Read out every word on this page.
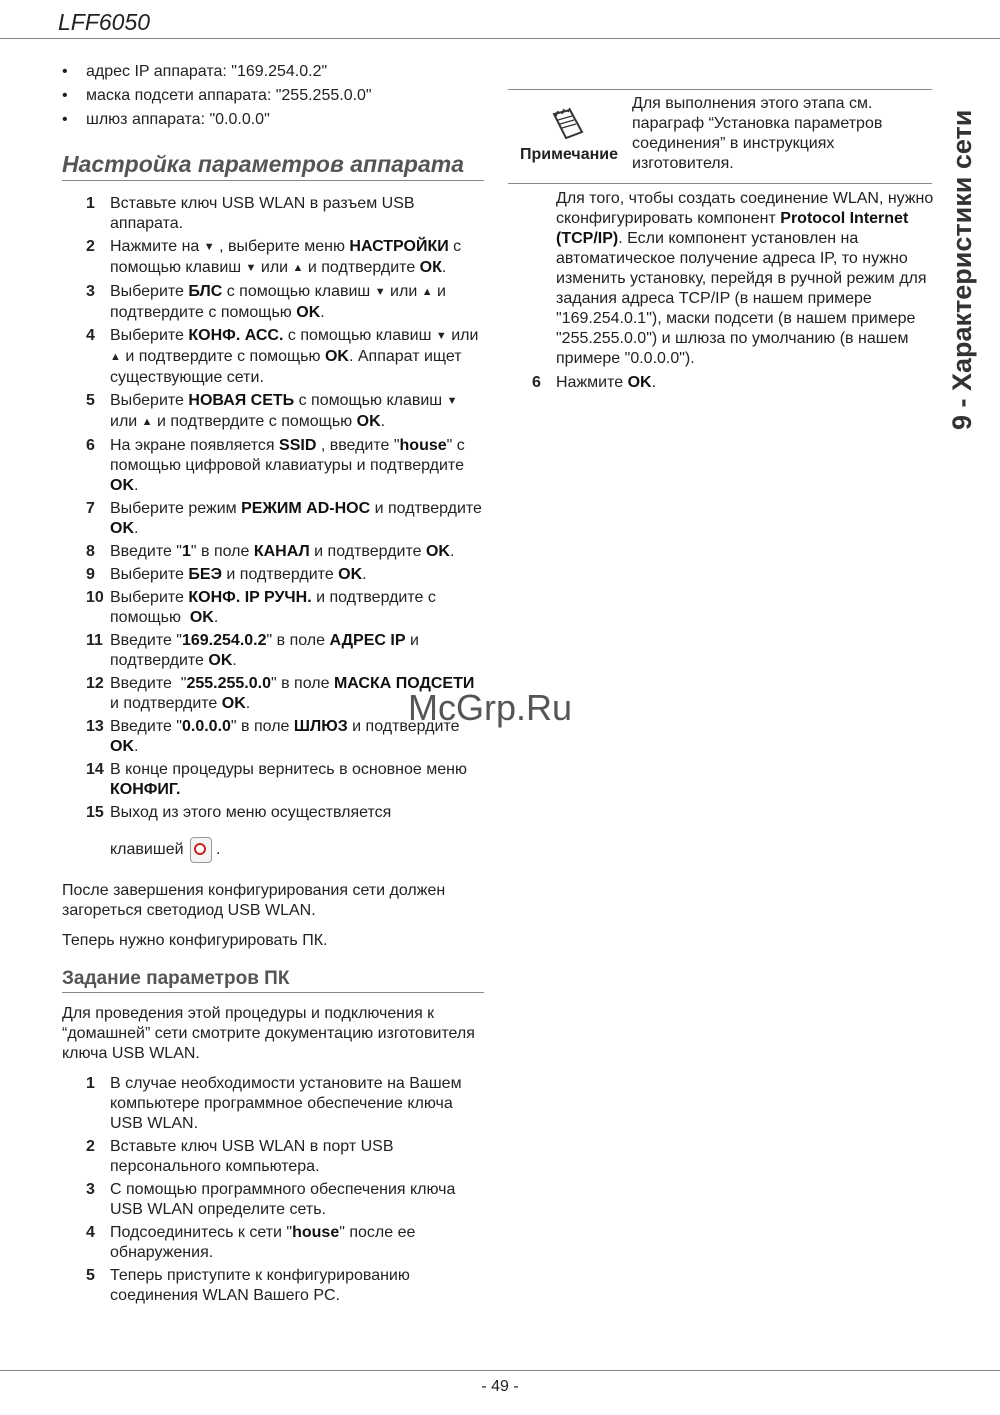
LFF6050
9 - Характеристики сети
• адрес IP аппарата: "169.254.0.2"
• маска подсети аппарата: "255.255.0.0"
• шлюз аппарата: "0.0.0.0"
Настройка параметров аппарата
1 Вставьте ключ USB WLAN в разъем USB аппарата.
2 Нажмите на ▼ , выберите меню НАСТРОЙКИ с помощью клавиш ▼ или ▲ и подтвердите ОК.
3 Выберите БЛС с помощью клавиш ▼ или ▲ и подтвердите с помощью OK.
4 Выберите КОНФ. АСС. с помощью клавиш ▼ или ▲ и подтвердите с помощью OK. Аппарат ищет существующие сети.
5 Выберите НОВАЯ СЕТЬ с помощью клавиш ▼ или ▲ и подтвердите с помощью OK.
6 На экране появляется SSID , введите "house" с помощью цифровой клавиатуры и подтвердите OK.
7 Выберите режим РЕЖИМ AD-HOC и подтвердите OK.
8 Введите "1" в поле КАНАЛ и подтвердите OK.
9 Выберите БЕЭ и подтвердите OK.
10 Выберите КОНФ. IP РУЧН. и подтвердите с помощью  OK.
11 Введите "169.254.0.2" в поле АДРЕС IP и подтвердите OK.
12 Введите  "255.255.0.0" в поле МАСКА ПОДСЕТИ и подтвердите OK.
13 Введите "0.0.0.0" в поле ШЛЮЗ и подтвердите OK.
14 В конце процедуры вернитесь в основное меню КОНФИГ.
15 Выход из этого меню осуществляется
клавишей
.
После завершения конфигурирования сети должен загореться светодиод USB WLAN.
Теперь нужно конфигурировать ПК.
Задание параметров ПК
Для проведения этой процедуры и подключения к “домашней” сети смотрите документацию изготовителя ключа USB WLAN.
1 В случае необходимости установите на Вашем компьютере программное обеспечение ключа USB WLAN.
2 Вставьте ключ USB WLAN в порт USB персонального компьютера.
3 С помощью программного обеспечения ключа USB WLAN определите сеть.
4 Подсоединитесь к сети "house" после ее обнаружения.
5 Теперь приступите к конфигурированию соединения WLAN Вашего PC.
Примечание
Для выполнения этого этапа см. параграф “Установка параметров соединения” в инструкциях изготовителя.
Для того, чтобы создать соединение WLAN, нужно сконфигурировать компонент Protocol Internet (TCP/IP). Если компонент установлен на автоматическое получение адреса IP, то нужно изменить установку, перейдя в ручной режим для задания адреса TCP/IP (в нашем примере "169.254.0.1"), маски подсети (в нашем примере "255.255.0.0") и шлюза по умолчанию (в нашем примере "0.0.0.0").
6 Нажмите OK.
McGrp.Ru
- 49 -
